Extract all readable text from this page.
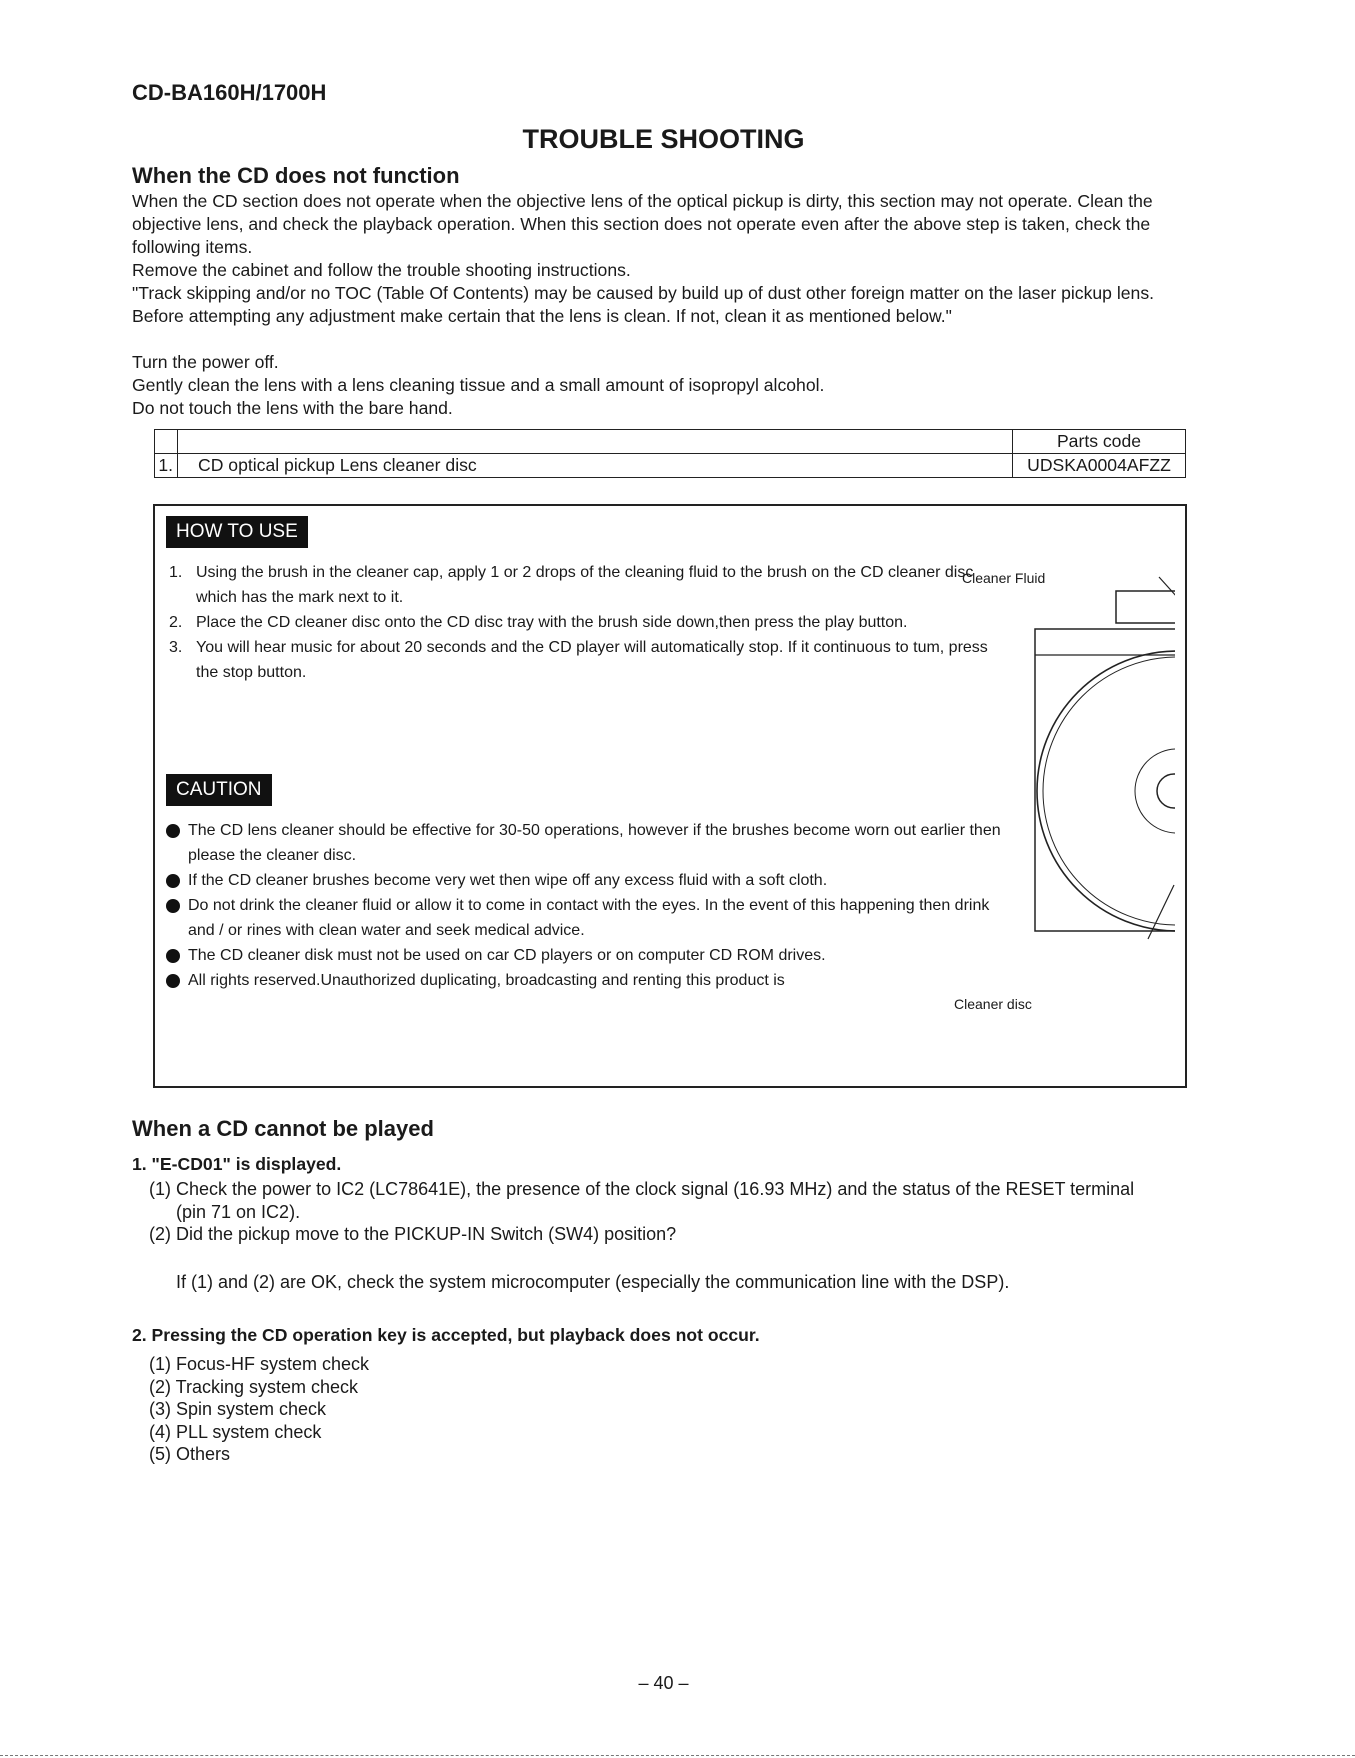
CD-BA160H/1700H
TROUBLE SHOOTING
When the CD does not function

When the CD section does not operate when the objective lens of the optical pickup is dirty, this section may not operate. Clean the objective lens, and check the playback operation. When this section does not operate even after the above step is taken, check the following items.

Remove the cabinet and follow the trouble shooting instructions.

"Track skipping and/or no TOC (Table Of Contents) may be caused by build up of dust other foreign matter on the laser pickup lens. Before attempting any adjustment make certain that the lens is clean. If not, clean it as mentioned below."

Turn the power off.

Gently clean the lens with a lens cleaning tissue and a small amount of isopropyl alcohol.

Do not touch the lens with the bare hand.

		Parts code
1.	CD optical pickup Lens cleaner disc	UDSKA0004AFZZ
HOW TO USE
1. Using the brush in the cleaner cap, apply 1 or 2 drops of the cleaning fluid to the brush on the CD cleaner disc which has the mark next to it.
2. Place the CD cleaner disc onto the CD disc tray with the brush side down,then press the play button.
3. You will hear music for about 20 seconds and the CD player will automatically stop. If it continuous to tum, press the stop button.
CAUTION
The CD lens cleaner should be effective for 30-50 operations, however if the brushes become worn out earlier then please the cleaner disc.
If the CD cleaner brushes become very wet then wipe off any excess fluid with a soft cloth.
Do not drink the cleaner fluid or allow it to come in contact with the eyes. In the event of this happening then drink and / or rines with clean water and seek medical advice.
The CD cleaner disk must not be used on car CD players or on computer CD ROM drives.
All rights reserved.Unauthorized duplicating, broadcasting and renting this product is
Cleaner Fluid
Cleaner disc
When a CD cannot be played
1. "E-CD01" is displayed.
(1) Check the power to IC2 (LC78641E), the presence of the clock signal (16.93 MHz) and the status of the RESET terminal
(pin 71 on IC2).
(2) Did the pickup move to the PICKUP-IN Switch (SW4) position?
If (1) and (2) are OK, check the system microcomputer (especially the communication line with the DSP).
2. Pressing the CD operation key is accepted, but playback does not occur.
(1) Focus-HF system check
(2) Tracking system check
(3) Spin system check
(4) PLL system check
(5) Others
– 40 –
